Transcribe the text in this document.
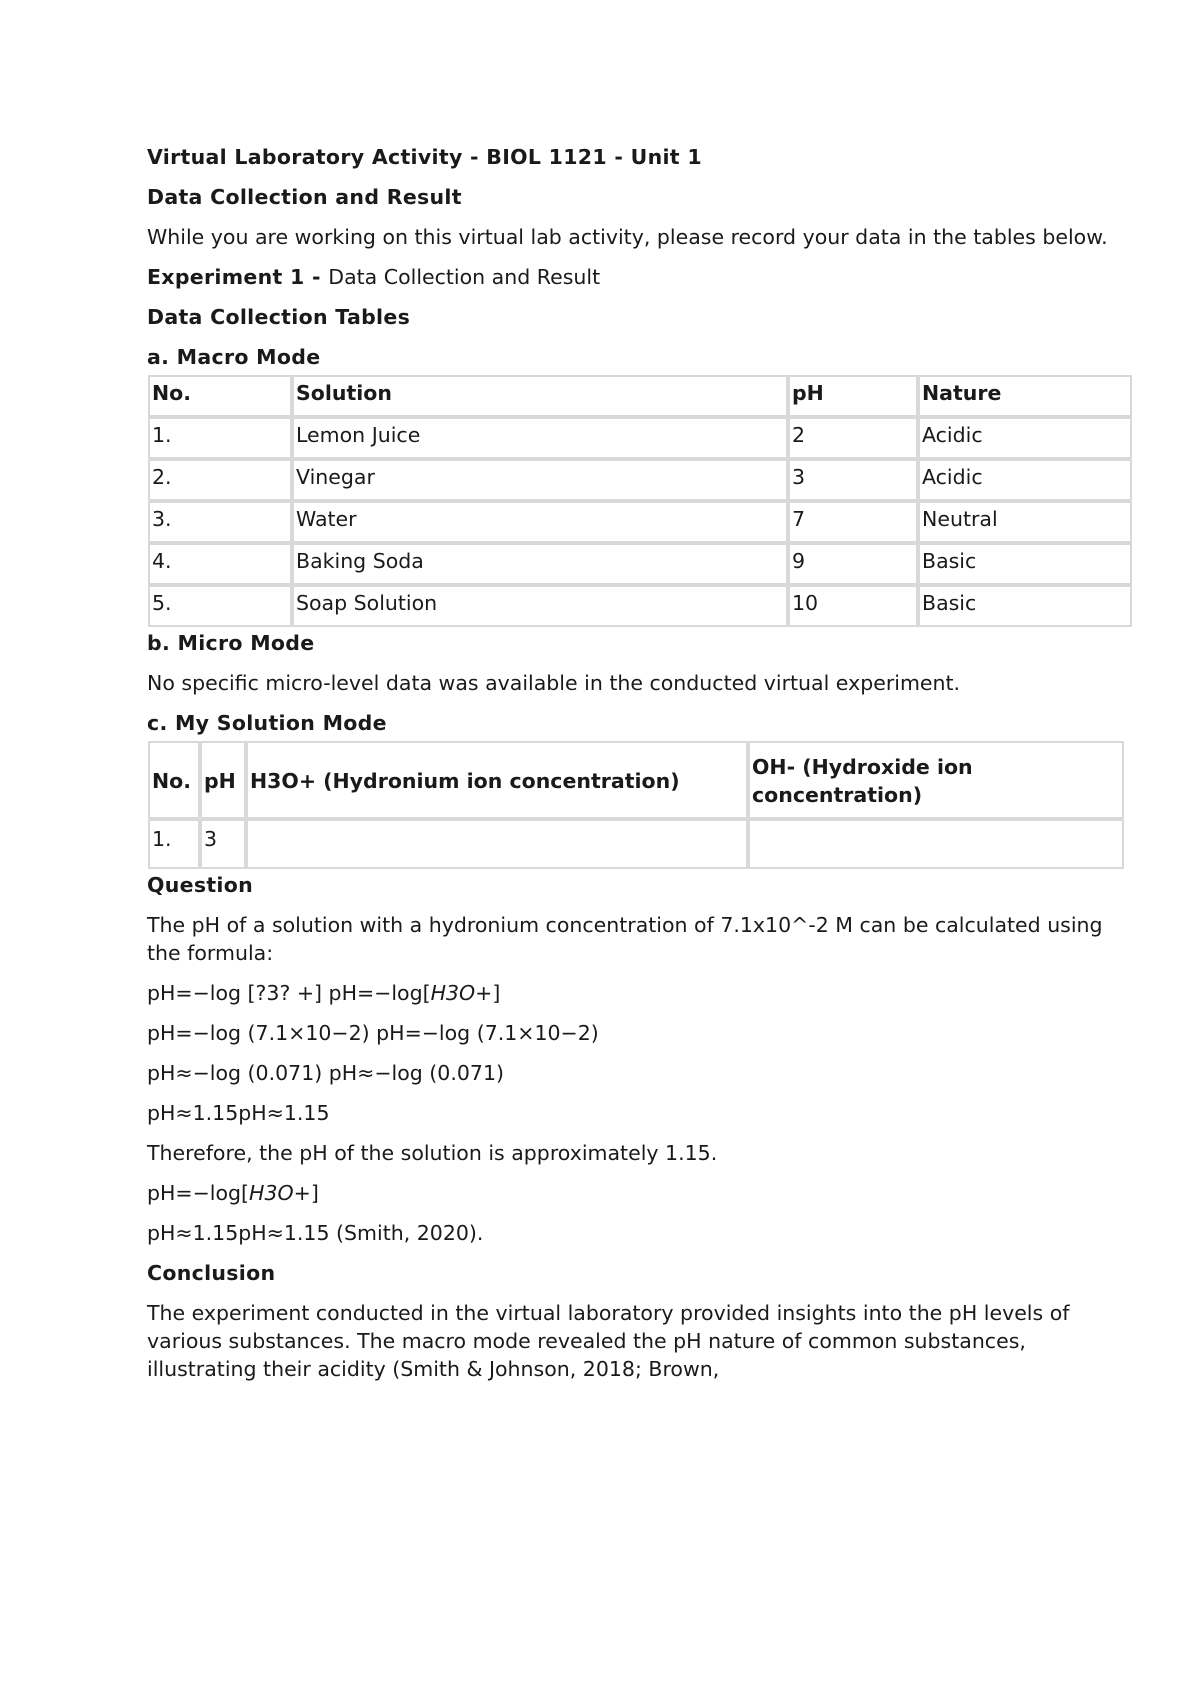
Virtual Laboratory Activity - BIOL 1121 - Unit 1
Data Collection and Result
While you are working on this virtual lab activity, please record your data in the tables below.
Experiment 1 - Data Collection and Result
Data Collection Tables
a. Macro Mode
No.	Solution	pH	Nature
1.	Lemon Juice	2	Acidic
2.	Vinegar	3	Acidic
3.	Water	7	Neutral
4.	Baking Soda	9	Basic
5.	Soap Solution	10	Basic
b. Micro Mode
No specific micro-level data was available in the conducted virtual experiment.
c. My Solution Mode
No.	pH	H3O+ (Hydronium ion concentration)	OH- (Hydroxide ion concentration)
1.	3		
Question
The pH of a solution with a hydronium concentration of 7.1x10^-2 M can be calculated using the formula:
pH=−log [?3? +] pH=−log[H3O+]
pH=−log (7.1×10−2) pH=−log (7.1×10−2)
pH≈−log (0.071) pH≈−log (0.071)
pH≈1.15pH≈1.15
Therefore, the pH of the solution is approximately 1.15.
pH=−log[H3O+]
pH≈1.15pH≈1.15 (Smith, 2020).
Conclusion
The experiment conducted in the virtual laboratory provided insights into the pH levels of various substances. The macro mode revealed the pH nature of common substances, illustrating their acidity (Smith & Johnson, 2018; Brown,
